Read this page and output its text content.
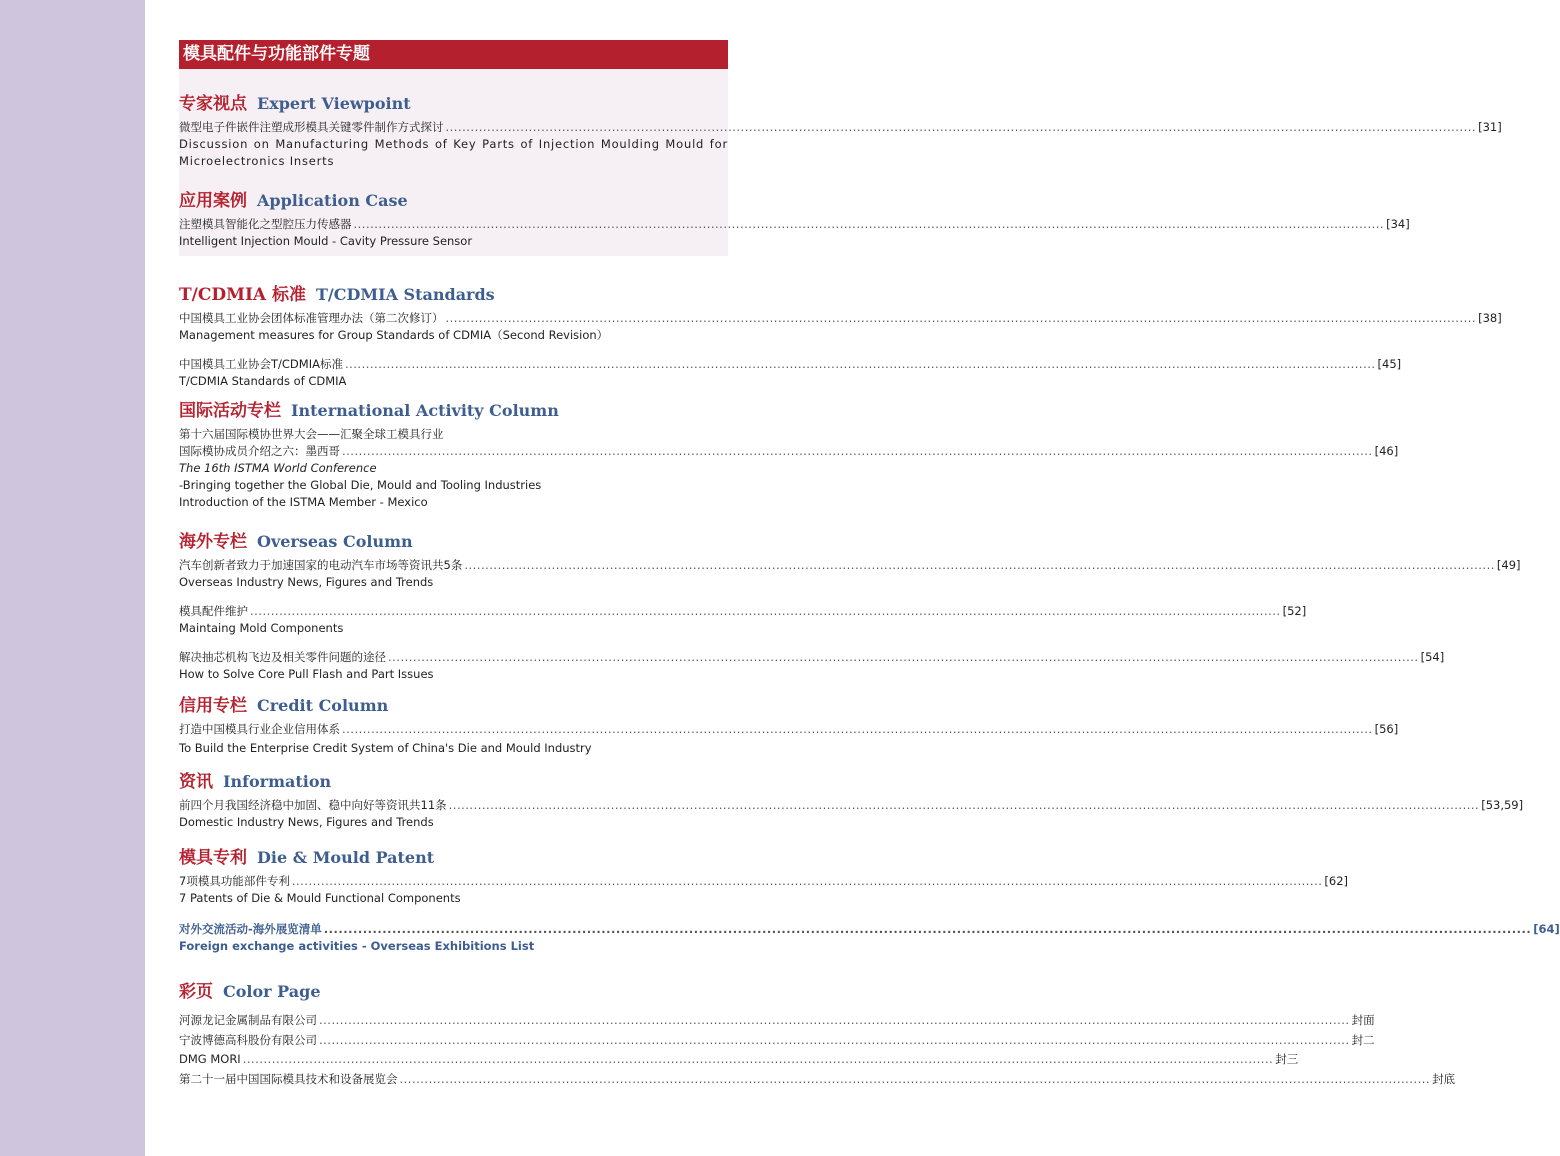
模具配件与功能部件专题
专家视点 Expert Viewpoint
微型电子件嵌件注塑成形模具关键零件制作方式探讨 .....	[31]
Discussion on Manufacturing Methods of Key Parts of Injection Moulding Mould for Microelectronics Inserts
应用案例 Application Case
注塑模具智能化之型腔压力传感器 .....	[34]
Intelligent Injection Mould - Cavity Pressure Sensor
T/CDMIA 标准 T/CDMIA Standards
中国模具工业协会团体标准管理办法（第二次修订） .....	[38]
Management measures for Group Standards of CDMIA（Second Revision）
中国模具工业协会T/CDMIA标准 .....	[45]
T/CDMIA Standards of CDMIA
国际活动专栏 International Activity Column
第十六届国际模协世界大会——汇聚全球工模具行业
国际模协成员介绍之六：墨西哥 .....	[46]
The 16th ISTMA World Conference
-Bringing together the Global Die, Mould and Tooling Industries
Introduction of the ISTMA Member - Mexico
海外专栏 Overseas Column
汽车创新者致力于加速国家的电动汽车市场等资讯共5条 .....	[49]
Overseas Industry News, Figures and Trends
模具配件维护 .....	[52]
Maintaing Mold Components
解决抽芯机构飞边及相关零件问题的途径 .....	[54]
How to Solve Core Pull Flash and Part Issues
信用专栏 Credit Column
打造中国模具行业企业信用体系 .....	[56]
To Build the Enterprise Credit System of China's Die and Mould Industry
资讯 Information
前四个月我国经济稳中加固、稳中向好等资讯共11条 .....	[53,59]
Domestic Industry News, Figures and Trends
模具专利 Die & Mould Patent
7项模具功能部件专利 .....	[62]
7 Patents of Die & Mould Functional Components
对外交流活动-海外展览清单 .....	[64]
Foreign exchange activities - Overseas Exhibitions List
彩页 Color Page
河源龙记金属制品有限公司 .....	封面
宁波博德高科股份有限公司 .....	封二
DMG MORI .....	封三
第二十一届中国国际模具技术和设备展览会 .....	封底
